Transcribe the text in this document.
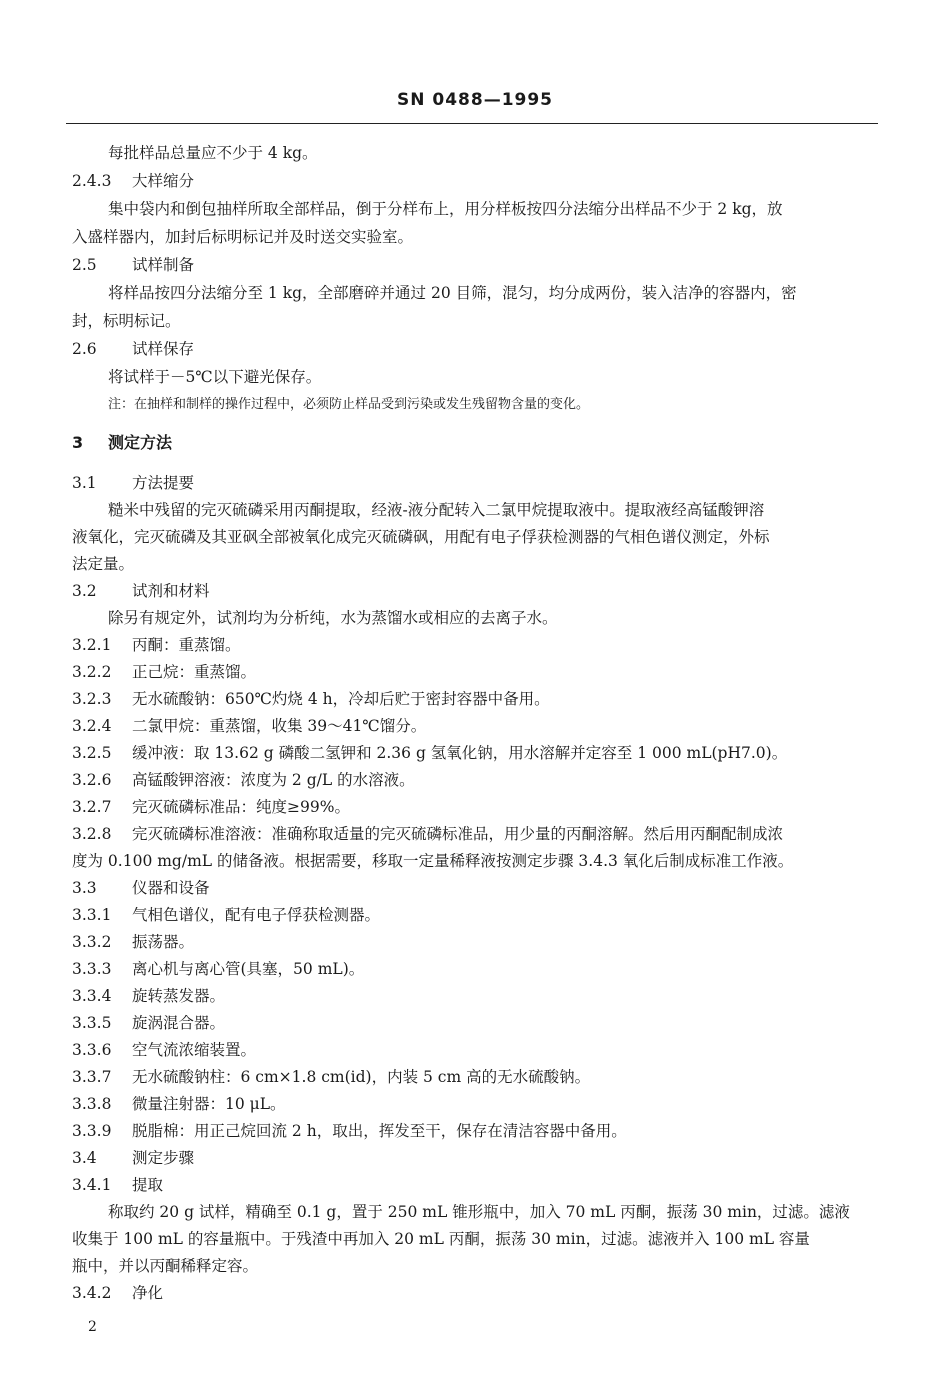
SN 0488—1995
每批样品总量应不少于 4 kg。
2.4.3 大样缩分
集中袋内和倒包抽样所取全部样品，倒于分样布上，用分样板按四分法缩分出样品不少于 2 kg，放
入盛样器内，加封后标明标记并及时送交实验室。
2.5 试样制备
将样品按四分法缩分至 1 kg，全部磨碎并通过 20 目筛，混匀，均分成两份，装入洁净的容器内，密
封，标明标记。
2.6 试样保存
将试样于－5℃以下避光保存。
注：在抽样和制样的操作过程中，必须防止样品受到污染或发生残留物含量的变化。
3 测定方法
3.1 方法提要
糙米中残留的完灭硫磷采用丙酮提取，经液-液分配转入二氯甲烷提取液中。提取液经高锰酸钾溶
液氧化，完灭硫磷及其亚砜全部被氧化成完灭硫磷砜，用配有电子俘获检测器的气相色谱仪测定，外标
法定量。
3.2 试剂和材料
除另有规定外，试剂均为分析纯，水为蒸馏水或相应的去离子水。
3.2.1 丙酮：重蒸馏。
3.2.2 正己烷：重蒸馏。
3.2.3 无水硫酸钠：650℃灼烧 4 h，冷却后贮于密封容器中备用。
3.2.4 二氯甲烷：重蒸馏，收集 39～41℃馏分。
3.2.5 缓冲液：取 13.62 g 磷酸二氢钾和 2.36 g 氢氧化钠，用水溶解并定容至 1 000 mL(pH7.0)。
3.2.6 高锰酸钾溶液：浓度为 2 g/L 的水溶液。
3.2.7 完灭硫磷标准品：纯度≥99%。
3.2.8 完灭硫磷标准溶液：准确称取适量的完灭硫磷标准品，用少量的丙酮溶解。然后用丙酮配制成浓
度为 0.100 mg/mL 的储备液。根据需要，移取一定量稀释液按测定步骤 3.4.3 氧化后制成标准工作液。
3.3 仪器和设备
3.3.1 气相色谱仪，配有电子俘获检测器。
3.3.2 振荡器。
3.3.3 离心机与离心管(具塞，50 mL)。
3.3.4 旋转蒸发器。
3.3.5 旋涡混合器。
3.3.6 空气流浓缩装置。
3.3.7 无水硫酸钠柱：6 cm×1.8 cm(id)，内装 5 cm 高的无水硫酸钠。
3.3.8 微量注射器：10 μL。
3.3.9 脱脂棉：用正己烷回流 2 h，取出，挥发至干，保存在清洁容器中备用。
3.4 测定步骤
3.4.1 提取
称取约 20 g 试样，精确至 0.1 g，置于 250 mL 锥形瓶中，加入 70 mL 丙酮，振荡 30 min，过滤。滤液
收集于 100 mL 的容量瓶中。于残渣中再加入 20 mL 丙酮，振荡 30 min，过滤。滤液并入 100 mL 容量
瓶中，并以丙酮稀释定容。
3.4.2 净化
2
